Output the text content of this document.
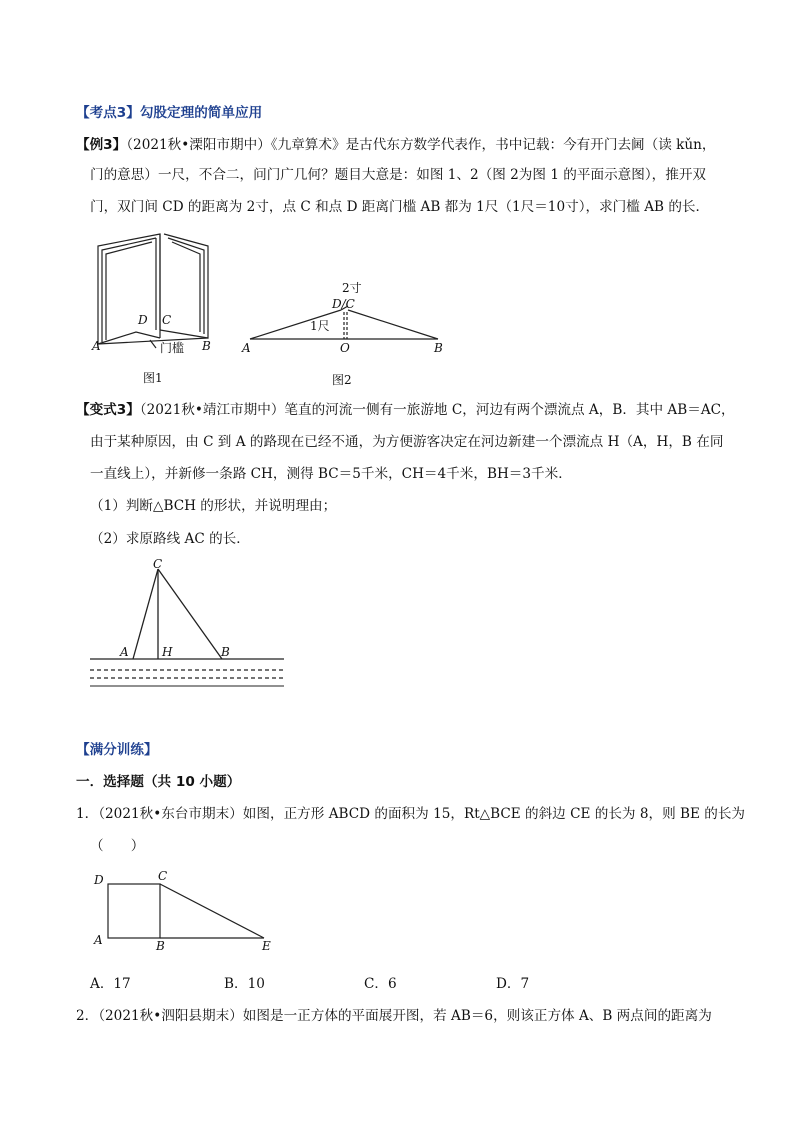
【考点3】勾股定理的简单应用
【例3】（2021秋•溧阳市期中）《九章算术》是古代东方数学代表作，书中记载：今有开门去阃（读 kǔn，
门的意思）一尺，不合二，问门广几何？题目大意是：如图 1、2（图 2为图 1 的平面示意图），推开双
门，双门间 CD 的距离为 2寸，点 C 和点 D 距离门槛 AB 都为 1尺（1尺＝10寸），求门槛 AB 的长．
D C
A	B
门槛
图1
2寸
D/C
1尺
A	O	B
图2
【变式3】（2021秋•靖江市期中）笔直的河流一侧有一旅游地 C，河边有两个漂流点 A，B．其中 AB＝AC，
由于某种原因，由 C 到 A 的路现在已经不通，为方便游客决定在河边新建一个漂流点 H（A，H，B 在同
一直线上），并新修一条路 CH，测得 BC＝5千米，CH＝4千米，BH＝3千米．
（1）判断△BCH 的形状，并说明理由；
（2）求原路线 AC 的长．
C
A	H	B
【满分训练】
一．选择题（共 10 小题）
1．（2021秋•东台市期末）如图，正方形 ABCD 的面积为 15，Rt△BCE 的斜边 CE 的长为 8，则 BE 的长为
（　　）
D	C
A	B	E
A．17	B．10	C．6	D．7
2．（2021秋•泗阳县期末）如图是一正方体的平面展开图，若 AB＝6，则该正方体 A、B 两点间的距离为
